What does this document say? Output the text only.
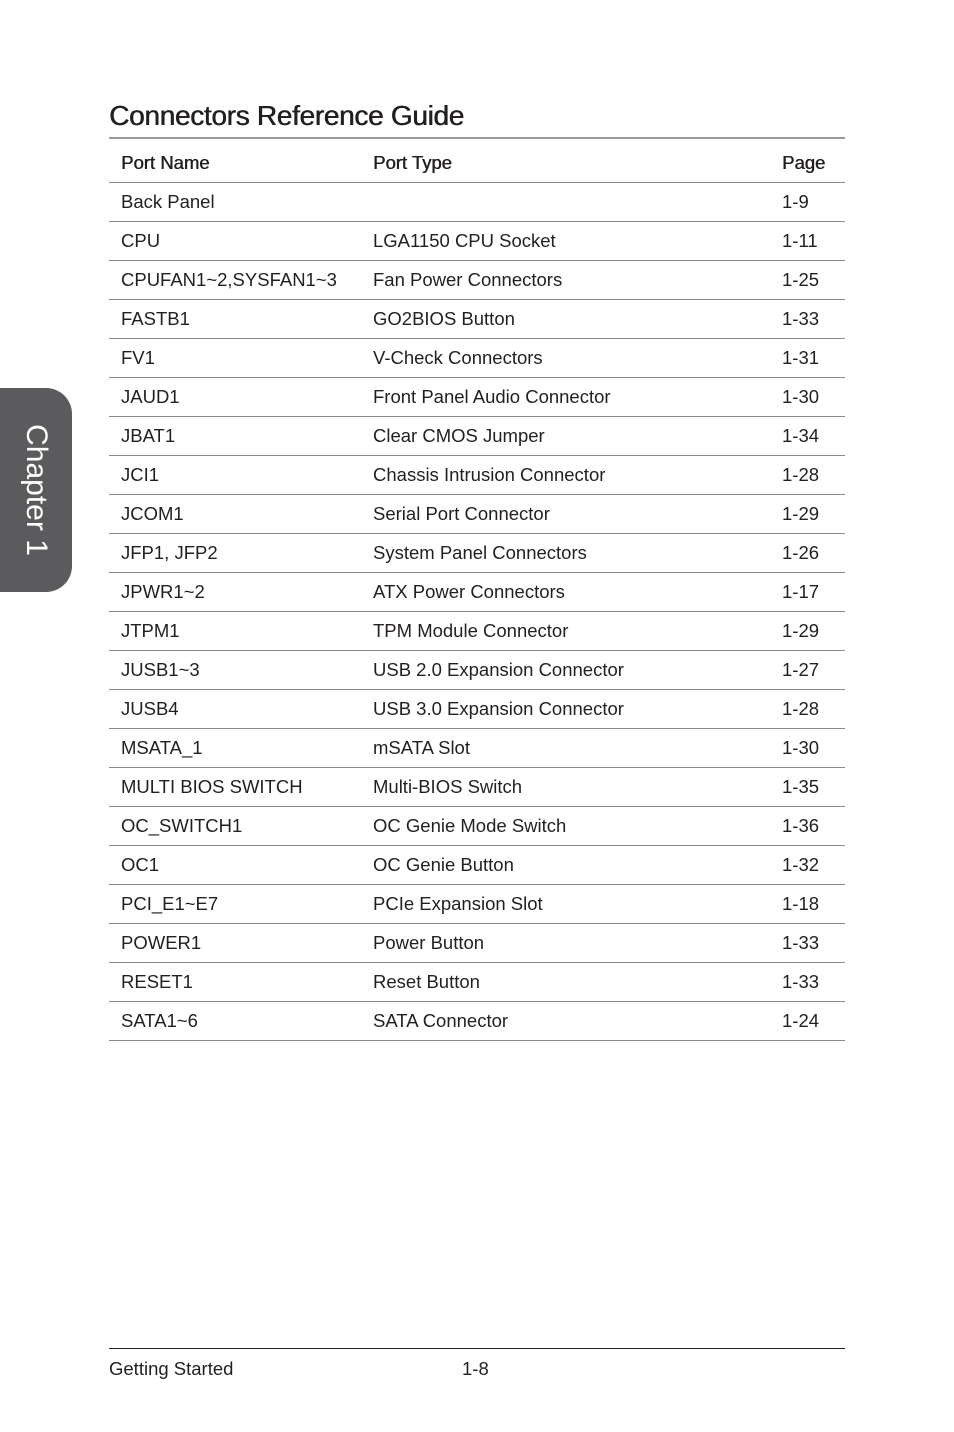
Connectors Reference Guide
Chapter 1
Port Name	Port Type	Page
Back Panel		1-9
CPU	LGA1150 CPU Socket	1-11
CPUFAN1~2,SYSFAN1~3	Fan Power Connectors	1-25
FASTB1	GO2BIOS Button	1-33
FV1	V-Check Connectors	1-31
JAUD1	Front Panel Audio Connector	1-30
JBAT1	Clear CMOS Jumper	1-34
JCI1	Chassis Intrusion Connector	1-28
JCOM1	Serial Port Connector	1-29
JFP1, JFP2	System Panel Connectors	1-26
JPWR1~2	ATX Power Connectors	1-17
JTPM1	TPM Module Connector	1-29
JUSB1~3	USB 2.0 Expansion Connector	1-27
JUSB4	USB 3.0 Expansion Connector	1-28
MSATA_1	mSATA Slot	1-30
MULTI BIOS SWITCH	Multi-BIOS Switch	1-35
OC_SWITCH1	OC Genie Mode Switch	1-36
OC1	OC Genie Button	1-32
PCI_E1~E7	PCIe Expansion Slot	1-18
POWER1	Power Button	1-33
RESET1	Reset Button	1-33
SATA1~6	SATA Connector	1-24
Getting Started	1-8
